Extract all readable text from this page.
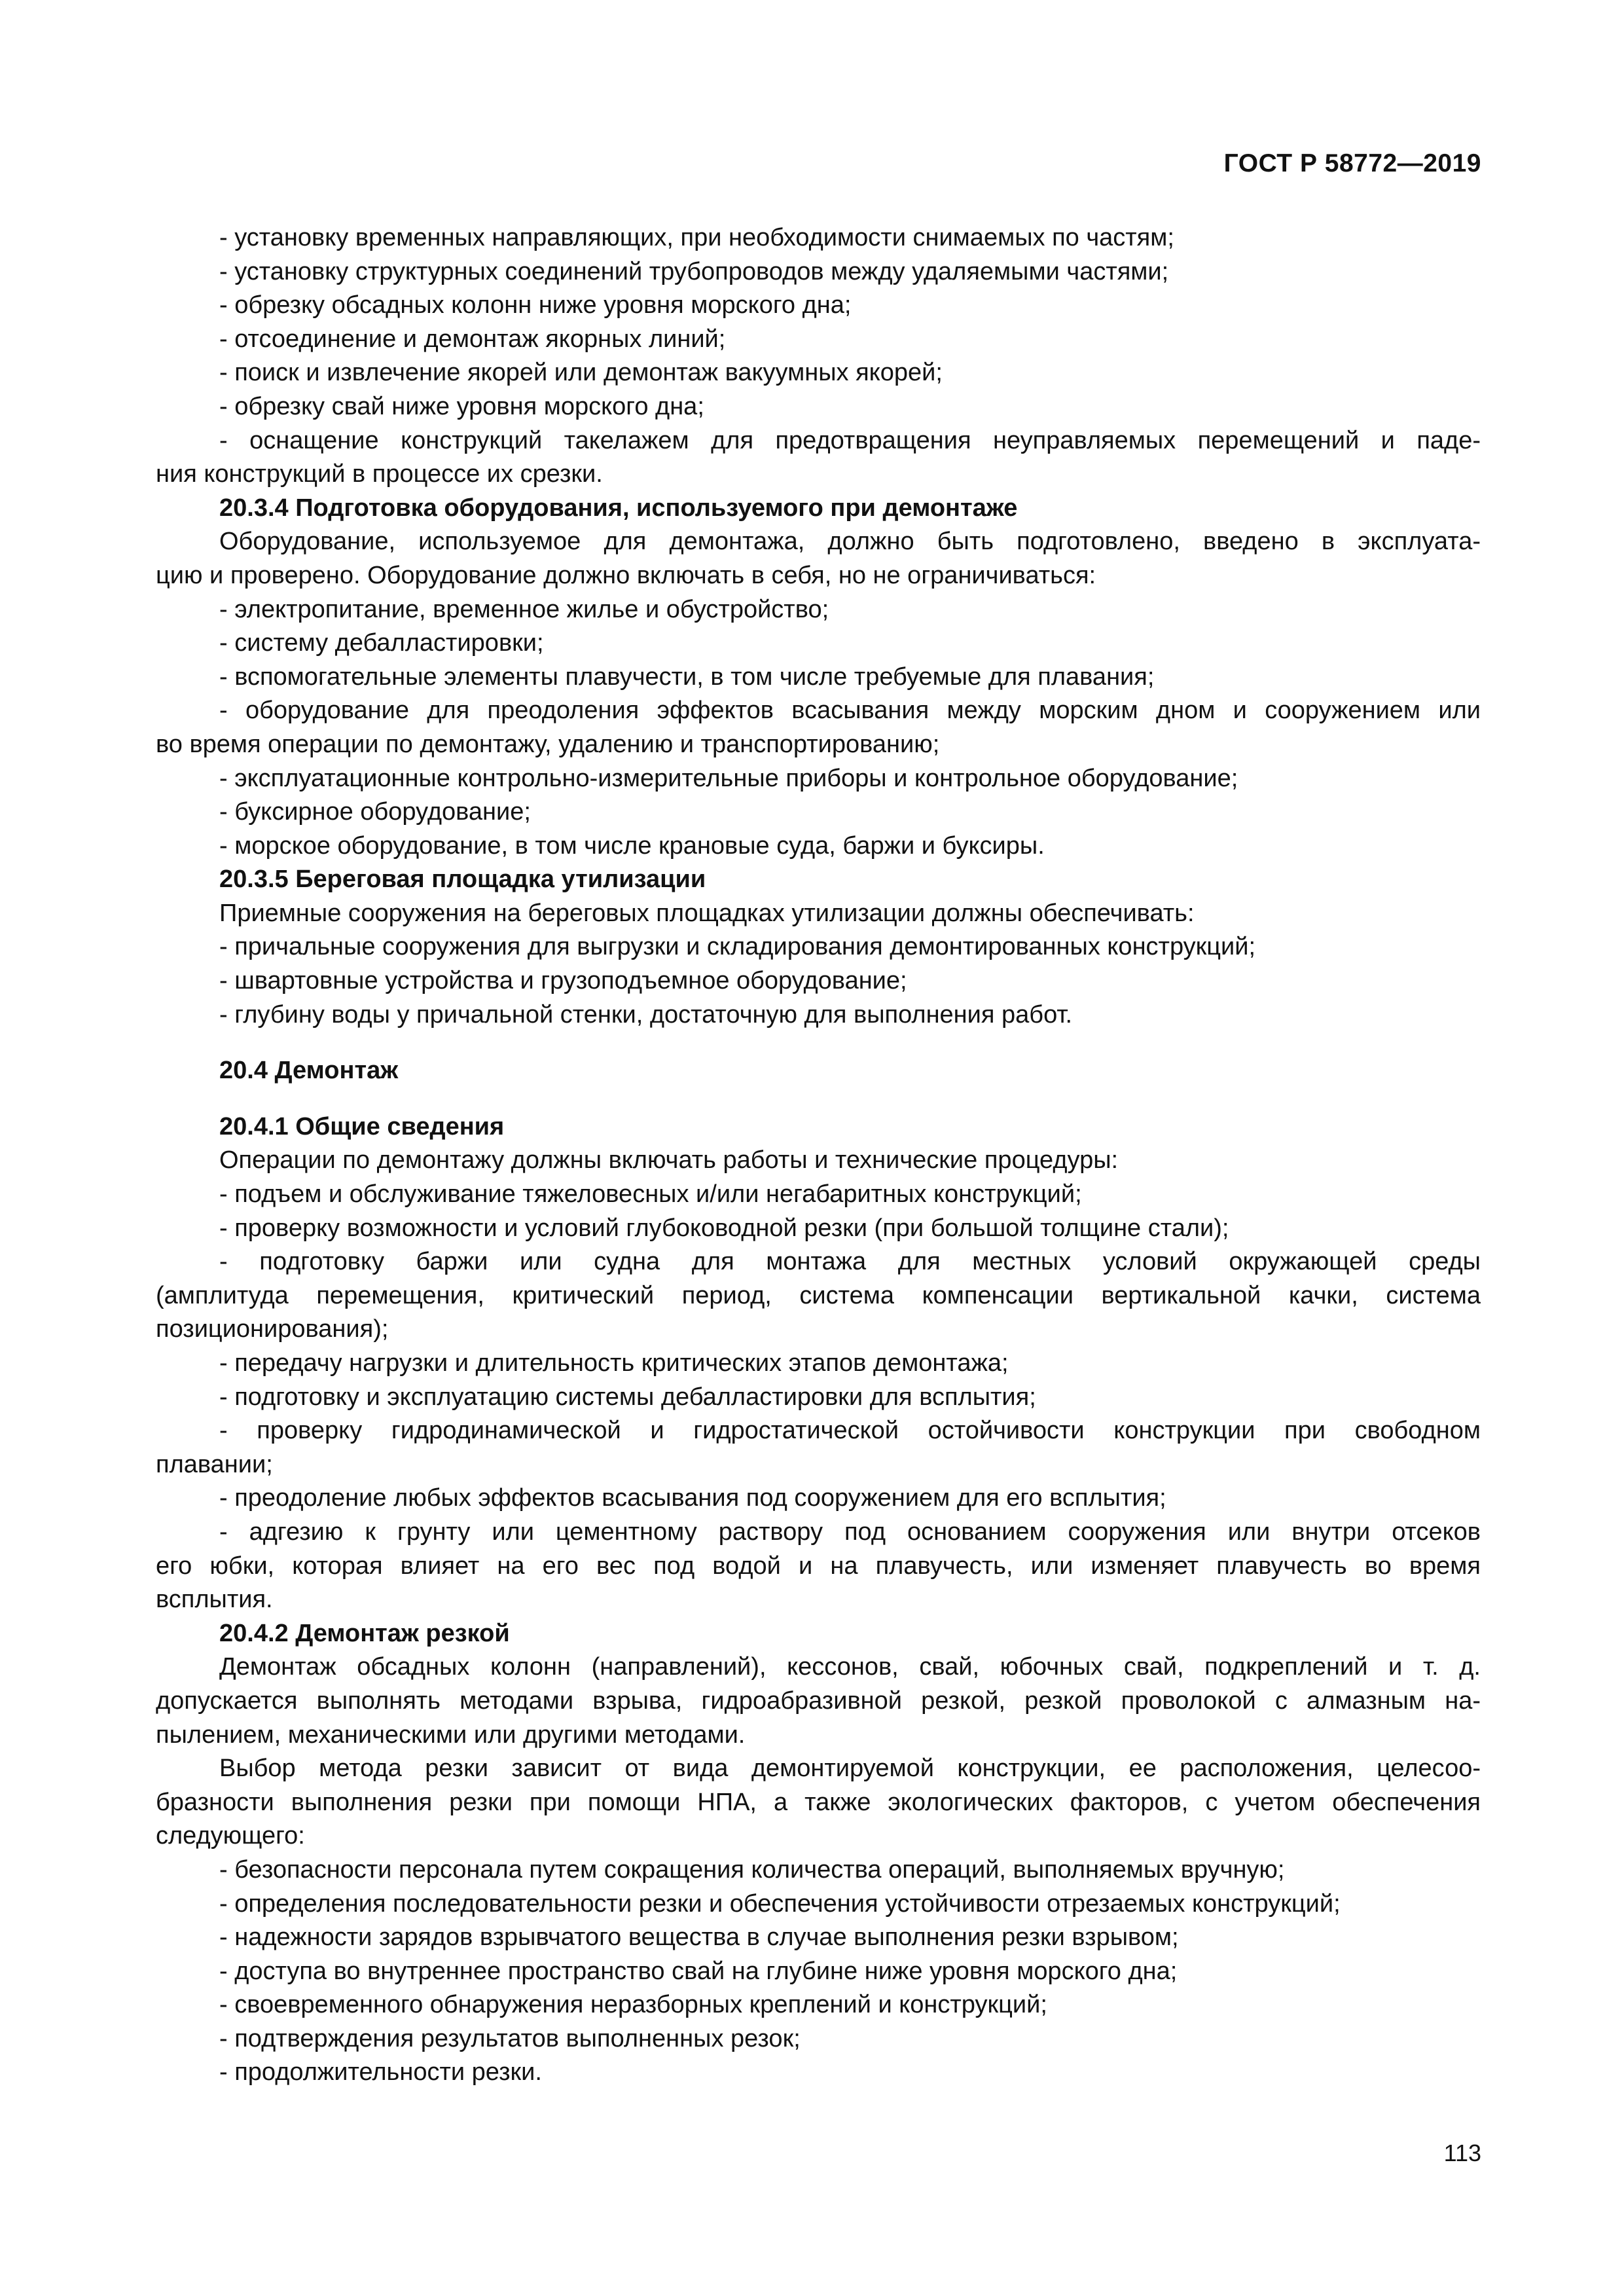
ГОСТ Р 58772—2019
- установку временных направляющих, при необходимости снимаемых по частям;
- установку структурных соединений трубопроводов между удаляемыми частями;
- обрезку обсадных колонн ниже уровня морского дна;
- отсоединение и демонтаж якорных линий;
- поиск и извлечение якорей или демонтаж вакуумных якорей;
- обрезку свай ниже уровня морского дна;
- оснащение конструкций такелажем для предотвращения неуправляемых перемещений и паде-
ния конструкций в процессе их срезки.
20.3.4 Подготовка оборудования, используемого при демонтаже
Оборудование, используемое для демонтажа, должно быть подготовлено, введено в эксплуата-
цию и проверено. Оборудование должно включать в себя, но не ограничиваться:
- электропитание, временное жилье и обустройство;
- систему дебалластировки;
- вспомогательные элементы плавучести, в том числе требуемые для плавания;
- оборудование для преодоления эффектов всасывания между морским дном и сооружением или
во время операции по демонтажу, удалению и транспортированию;
- эксплуатационные контрольно-измерительные приборы и контрольное оборудование;
- буксирное оборудование;
- морское оборудование, в том числе крановые суда, баржи и буксиры.
20.3.5 Береговая площадка утилизации
Приемные сооружения на береговых площадках утилизации должны обеспечивать:
- причальные сооружения для выгрузки и складирования демонтированных конструкций;
- швартовные устройства и грузоподъемное оборудование;
- глубину воды у причальной стенки, достаточную для выполнения работ.
20.4 Демонтаж
20.4.1 Общие сведения
Операции по демонтажу должны включать работы и технические процедуры:
- подъем и обслуживание тяжеловесных и/или негабаритных конструкций;
- проверку возможности и условий глубоководной резки (при большой толщине стали);
- подготовку баржи или судна для монтажа для местных условий окружающей среды
(амплитуда перемещения, критический период, система компенсации вертикальной качки, система
позиционирования);
- передачу нагрузки и длительность критических этапов демонтажа;
- подготовку и эксплуатацию системы дебалластировки для всплытия;
- проверку гидродинамической и гидростатической остойчивости конструкции при свободном
плавании;
- преодоление любых эффектов всасывания под сооружением для его всплытия;
- адгезию к грунту или цементному раствору под основанием сооружения или внутри отсеков
его юбки, которая влияет на его вес под водой и на плавучесть, или изменяет плавучесть во время
всплытия.
20.4.2 Демонтаж резкой
Демонтаж обсадных колонн (направлений), кессонов, свай, юбочных свай, подкреплений и т. д.
допускается выполнять методами взрыва, гидроабразивной резкой, резкой проволокой с алмазным на-
пылением, механическими или другими методами.
Выбор метода резки зависит от вида демонтируемой конструкции, ее расположения, целесоо-
бразности выполнения резки при помощи НПА, а также экологических факторов, с учетом обеспечения
следующего:
- безопасности персонала путем сокращения количества операций, выполняемых вручную;
- определения последовательности резки и обеспечения устойчивости отрезаемых конструкций;
- надежности зарядов взрывчатого вещества в случае выполнения резки взрывом;
- доступа во внутреннее пространство свай на глубине ниже уровня морского дна;
- своевременного обнаружения неразборных креплений и конструкций;
- подтверждения результатов выполненных резок;
- продолжительности резки.
113
